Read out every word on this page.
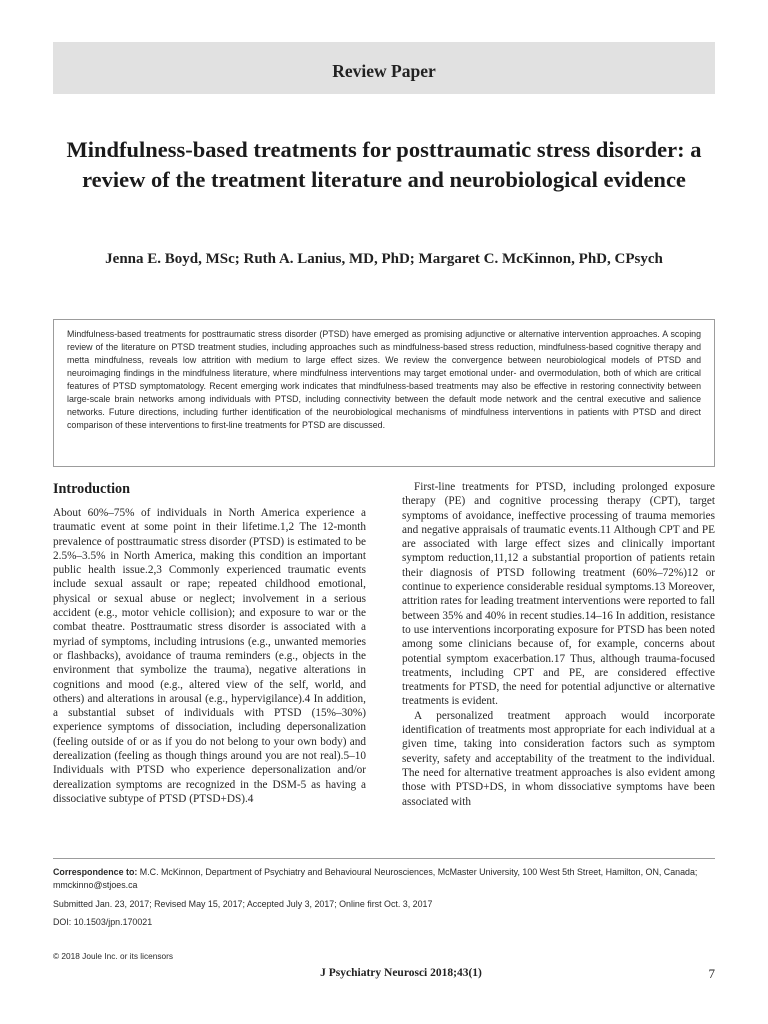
Review Paper
Mindfulness-based treatments for posttraumatic stress disorder: a review of the treatment literature and neurobiological evidence
Jenna E. Boyd, MSc; Ruth A. Lanius, MD, PhD; Margaret C. McKinnon, PhD, CPsych
Mindfulness-based treatments for posttraumatic stress disorder (PTSD) have emerged as promising adjunctive or alternative intervention approaches. A scoping review of the literature on PTSD treatment studies, including approaches such as mindfulness-based stress reduction, mindfulness-based cognitive therapy and metta mindfulness, reveals low attrition with medium to large effect sizes. We review the convergence between neurobiological models of PTSD and neuroimaging findings in the mindfulness literature, where mindfulness interventions may target emotional under- and overmodulation, both of which are critical features of PTSD symptomatology. Recent emerging work indicates that mindfulness-based treatments may also be effective in restoring connectivity between large-scale brain networks among individuals with PTSD, including connectivity between the default mode network and the central executive and salience networks. Future directions, including further identification of the neurobiological mechanisms of mindfulness interventions in patients with PTSD and direct comparison of these interventions to first-line treatments for PTSD are discussed.
Introduction

About 60%–75% of individuals in North America experience a traumatic event at some point in their lifetime.1,2 The 12-month prevalence of posttraumatic stress disorder (PTSD) is estimated to be 2.5%–3.5% in North America, making this condition an important public health issue.2,3 Commonly experienced traumatic events include sexual assault or rape; repeated childhood emotional, physical or sexual abuse or neglect; involvement in a serious accident (e.g., motor vehicle collision); and exposure to war or the combat theatre. Posttraumatic stress disorder is associated with a myriad of symptoms, including intrusions (e.g., unwanted memories or flashbacks), avoidance of trauma reminders (e.g., objects in the environment that symbolize the trauma), negative alterations in cognitions and mood (e.g., altered view of the self, world, and others) and alterations in arousal (e.g., hypervigilance).4 In addition, a substantial subset of individuals with PTSD (15%–30%) experience symptoms of dissociation, including depersonalization (feeling outside of or as if you do not belong to your own body) and derealization (feeling as though things around you are not real).5–10 Individuals with PTSD who experience depersonalization and/or derealization symptoms are recognized in the DSM-5 as having a dissociative subtype of PTSD (PTSD+DS).4

First-line treatments for PTSD, including prolonged exposure therapy (PE) and cognitive processing therapy (CPT), target symptoms of avoidance, ineffective processing of trauma memories and negative appraisals of traumatic events.11 Although CPT and PE are associated with large effect sizes and clinically important symptom reduction,11,12 a substantial proportion of patients retain their diagnosis of PTSD following treatment (60%–72%)12 or continue to experience considerable residual symptoms.13 Moreover, attrition rates for leading treatment interventions were reported to fall between 35% and 40% in recent studies.14–16 In addition, resistance to use interventions incorporating exposure for PTSD has been noted among some clinicians because of, for example, concerns about potential symptom exacerbation.17 Thus, although trauma-focused treatments, including CPT and PE, are considered effective treatments for PTSD, the need for potential adjunctive or alternative treatments is evident.

A personalized treatment approach would incorporate identification of treatments most appropriate for each individual at a given time, taking into consideration factors such as symptom severity, safety and acceptability of the treatment to the individual. The need for alternative treatment approaches is also evident among those with PTSD+DS, in whom dissociative symptoms have been associated with

Correspondence to: M.C. McKinnon, Department of Psychiatry and Behavioural Neurosciences, McMaster University, 100 West 5th Street, Hamilton, ON, Canada; mmckinno@stjoes.ca
Submitted Jan. 23, 2017; Revised May 15, 2017; Accepted July 3, 2017; Online first Oct. 3, 2017
DOI: 10.1503/jpn.170021
© 2018 Joule Inc. or its licensors
J Psychiatry Neurosci 2018;43(1)	7
